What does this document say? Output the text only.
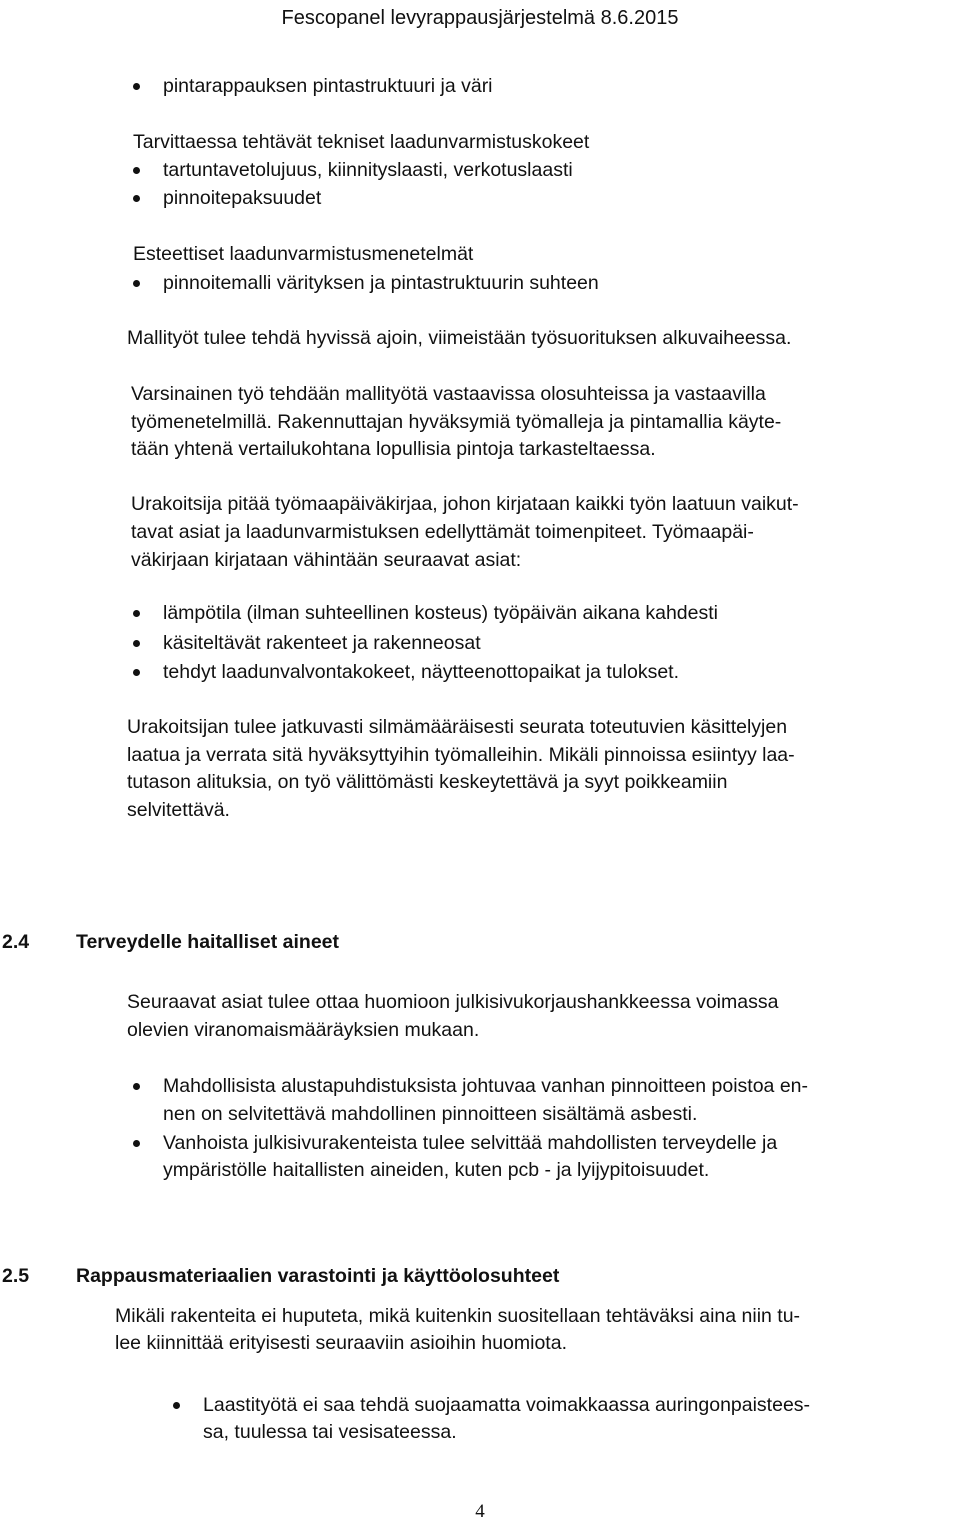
Fescopanel levyrappausjärjestelmä 8.6.2015
pintarappauksen pintastruktuuri ja väri
Tarvittaessa tehtävät tekniset laadunvarmistuskokeet
tartuntavetolujuus, kiinnityslaasti, verkotuslaasti
pinnoitepaksuudet
Esteettiset laadunvarmistusmenetelmät
pinnoitemalli värityksen ja pintastruktuurin suhteen
Mallityöt tulee tehdä hyvissä ajoin, viimeistään työsuorituksen alkuvaiheessa.
Varsinainen työ tehdään mallityötä vastaavissa olosuhteissa ja vastaavilla
työmenetelmillä. Rakennuttajan hyväksymiä työmalleja ja pintamallia käyte-
tään yhtenä vertailukohtana lopullisia pintoja tarkasteltaessa.
Urakoitsija pitää työmaapäiväkirjaa, johon kirjataan kaikki työn laatuun vaikut-
tavat asiat ja laadunvarmistuksen edellyttämät toimenpiteet. Työmaapäi-
väkirjaan kirjataan vähintään seuraavat asiat:
lämpötila (ilman suhteellinen kosteus) työpäivän aikana kahdesti
käsiteltävät rakenteet ja rakenneosat
tehdyt laadunvalvontakokeet, näytteenottopaikat ja tulokset.
Urakoitsijan tulee jatkuvasti silmämääräisesti seurata toteutuvien käsittelyjen
laatua ja verrata sitä hyväksyttyihin työmalleihin. Mikäli pinnoissa esiintyy laa-
tutason alituksia, on työ välittömästi keskeytettävä ja syyt poikkeamiin
selvitettävä.
2.4 Terveydelle haitalliset aineet
Seuraavat asiat tulee ottaa huomioon julkisivukorjaushankkeessa voimassa
olevien viranomaismääräyksien mukaan.
Mahdollisista alustapuhdistuksista johtuvaa vanhan pinnoitteen poistoa en-
nen on selvitettävä mahdollinen pinnoitteen sisältämä asbesti.
Vanhoista julkisivurakenteista tulee selvittää mahdollisten terveydelle ja
ympäristölle haitallisten aineiden, kuten pcb - ja lyijypitoisuudet.
2.5 Rappausmateriaalien varastointi ja käyttöolosuhteet
Mikäli rakenteita ei huputeta, mikä kuitenkin suositellaan tehtäväksi aina niin tu-
lee kiinnittää erityisesti seuraaviin asioihin huomiota.
Laastityötä ei saa tehdä suojaamatta voimakkaassa auringonpaistees-
sa, tuulessa tai vesisateessa.
4
